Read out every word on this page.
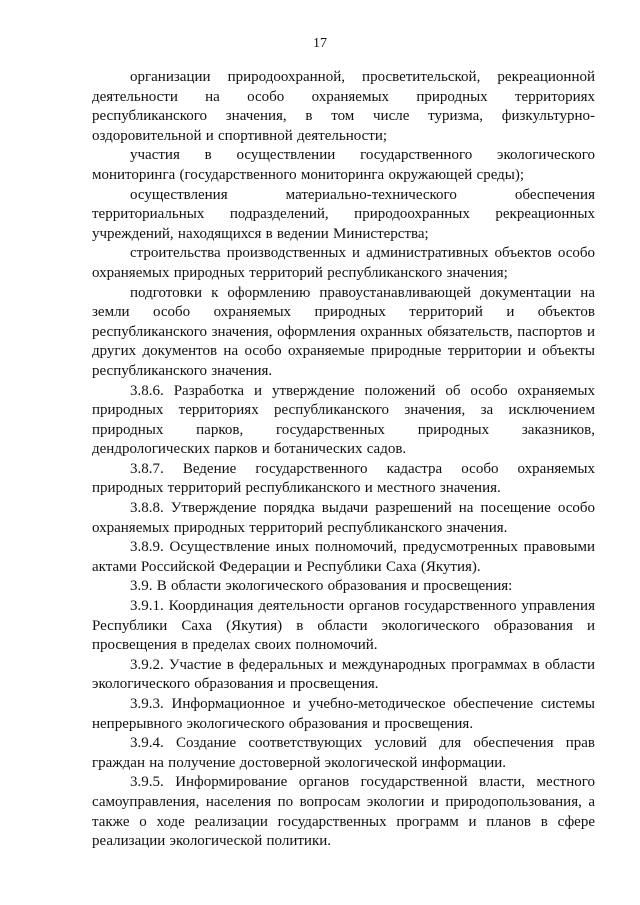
17

организации природоохранной, просветительской, рекреационной деятельности на особо охраняемых природных территориях республиканского значения, в том числе туризма, физкультурно-оздоровительной и спортивной деятельности;

участия в осуществлении государственного экологического мониторинга (государственного мониторинга окружающей среды);

осуществления материально-технического обеспечения территориальных подразделений, природоохранных рекреационных учреждений, находящихся в ведении Министерства;

строительства производственных и административных объектов особо охраняемых природных территорий республиканского значения;

подготовки к оформлению правоустанавливающей документации на земли особо охраняемых природных территорий и объектов республиканского значения, оформления охранных обязательств, паспортов и других документов на особо охраняемые природные территории и объекты республиканского значения.

3.8.6. Разработка и утверждение положений об особо охраняемых природных территориях республиканского значения, за исключением природных парков, государственных природных заказников, дендрологических парков и ботанических садов.

3.8.7. Ведение государственного кадастра особо охраняемых природных территорий республиканского и местного значения.

3.8.8. Утверждение порядка выдачи разрешений на посещение особо охраняемых природных территорий республиканского значения.

3.8.9. Осуществление иных полномочий, предусмотренных правовыми актами Российской Федерации и Республики Саха (Якутия).

3.9. В области экологического образования и просвещения:

3.9.1. Координация деятельности органов государственного управления Республики Саха (Якутия) в области экологического образования и просвещения в пределах своих полномочий.

3.9.2. Участие в федеральных и международных программах в области экологического образования и просвещения.

3.9.3. Информационное и учебно-методическое обеспечение системы непрерывного экологического образования и просвещения.

3.9.4. Создание соответствующих условий для обеспечения прав граждан на получение достоверной экологической информации.

3.9.5. Информирование органов государственной власти, местного самоуправления, населения по вопросам экологии и природопользования, а также о ходе реализации государственных программ и планов в сфере реализации экологической политики.
